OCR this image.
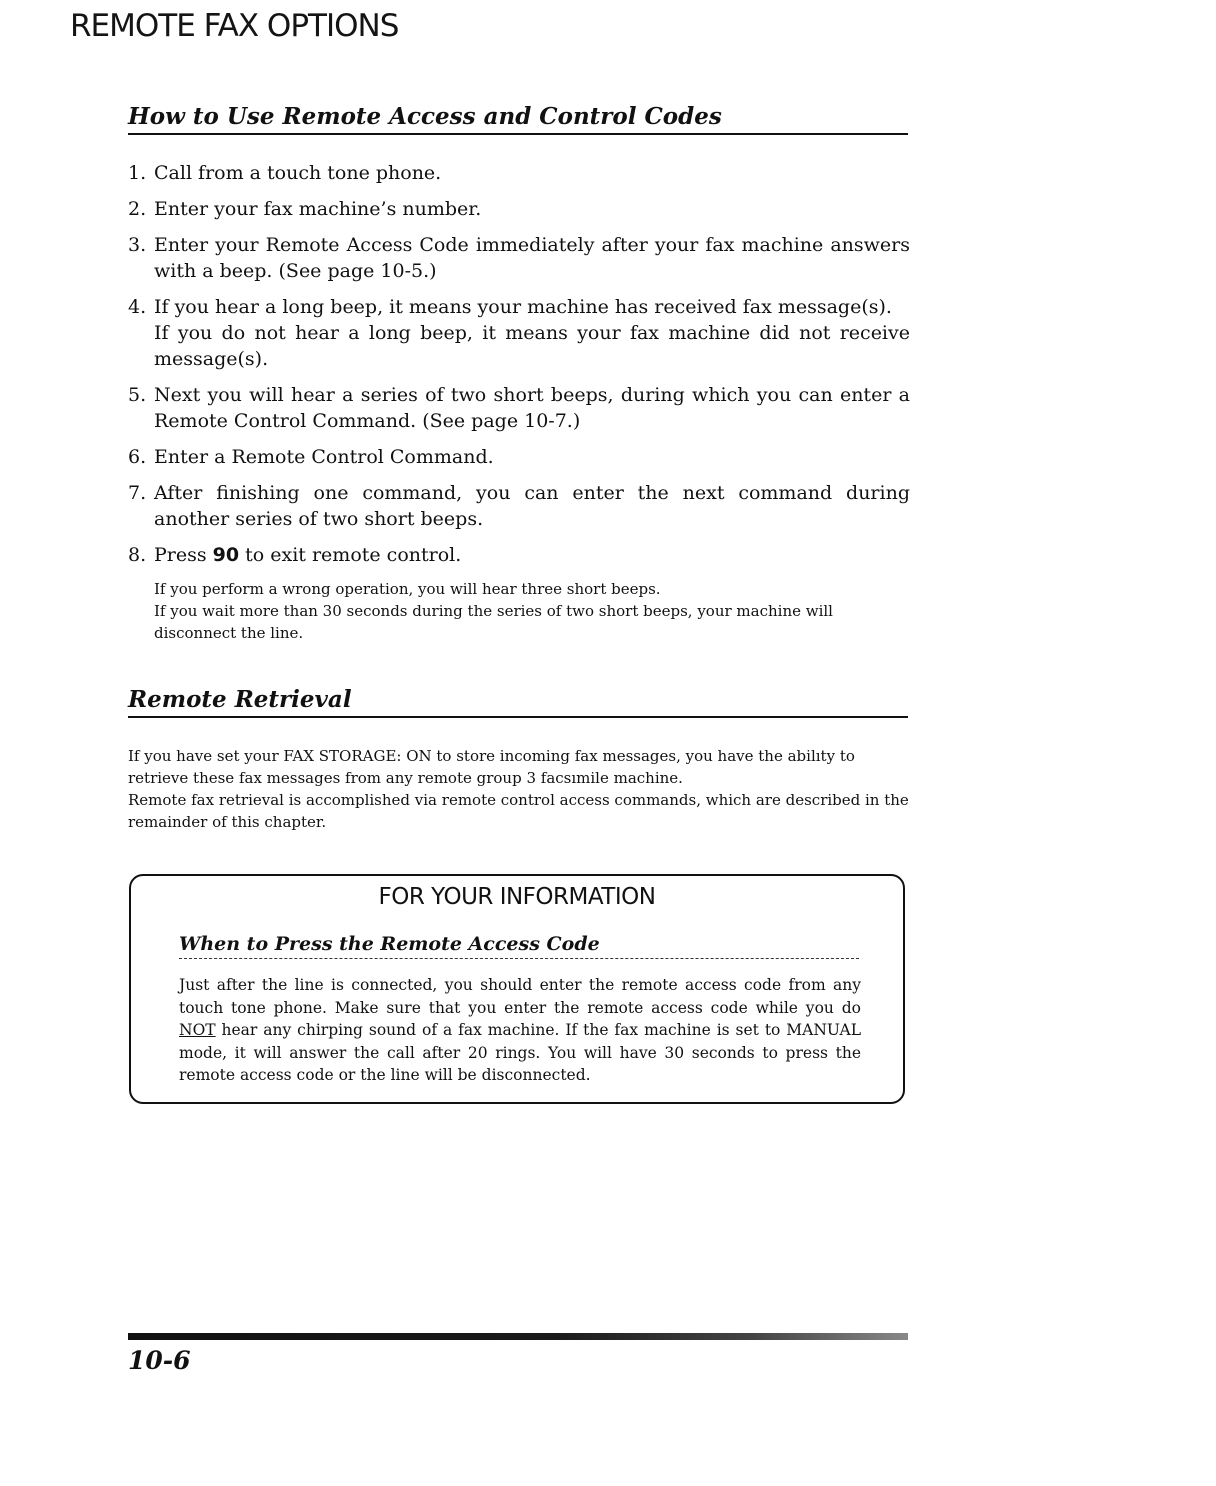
REMOTE FAX OPTIONS
How to Use Remote Access and Control Codes
1. Call from a touch tone phone.
2. Enter your fax machine’s number.
3. Enter your Remote Access Code immediately after your fax machine answers with a beep. (See page 10-5.)
4. If you hear a long beep, it means your machine has received fax message(s).
If you do not hear a long beep, it means your fax machine did not receive message(s).
5. Next you will hear a series of two short beeps, during which you can enter a Remote Control Command. (See page 10-7.)
6. Enter a Remote Control Command.
7. After finishing one command, you can enter the next command during another series of two short beeps.
8. Press 90 to exit remote control.

If you perform a wrong operation, you will hear three short beeps.

If you wait more than 30 seconds during the series of two short beeps, your machine will disconnect the line.

Remote Retrieval

If you have set your FAX STORAGE: ON to store incoming fax messages, you have the abilıty to retrieve these fax messages from any remote group 3 facsımile machine.

Remote fax retrieval is accomplished via remote control access commands, which are described in the remainder of this chapter.

FOR YOUR INFORMATION
When to Press the Remote Access Code
Just after the line is connected, you should enter the remote access code from any touch tone phone. Make sure that you enter the remote access code while you do NOT hear any chirping sound of a fax machine. If the fax machine is set to MANUAL mode, it will answer the call after 20 rings. You will have 30 seconds to press the remote access code or the line will be disconnected.
10-6
